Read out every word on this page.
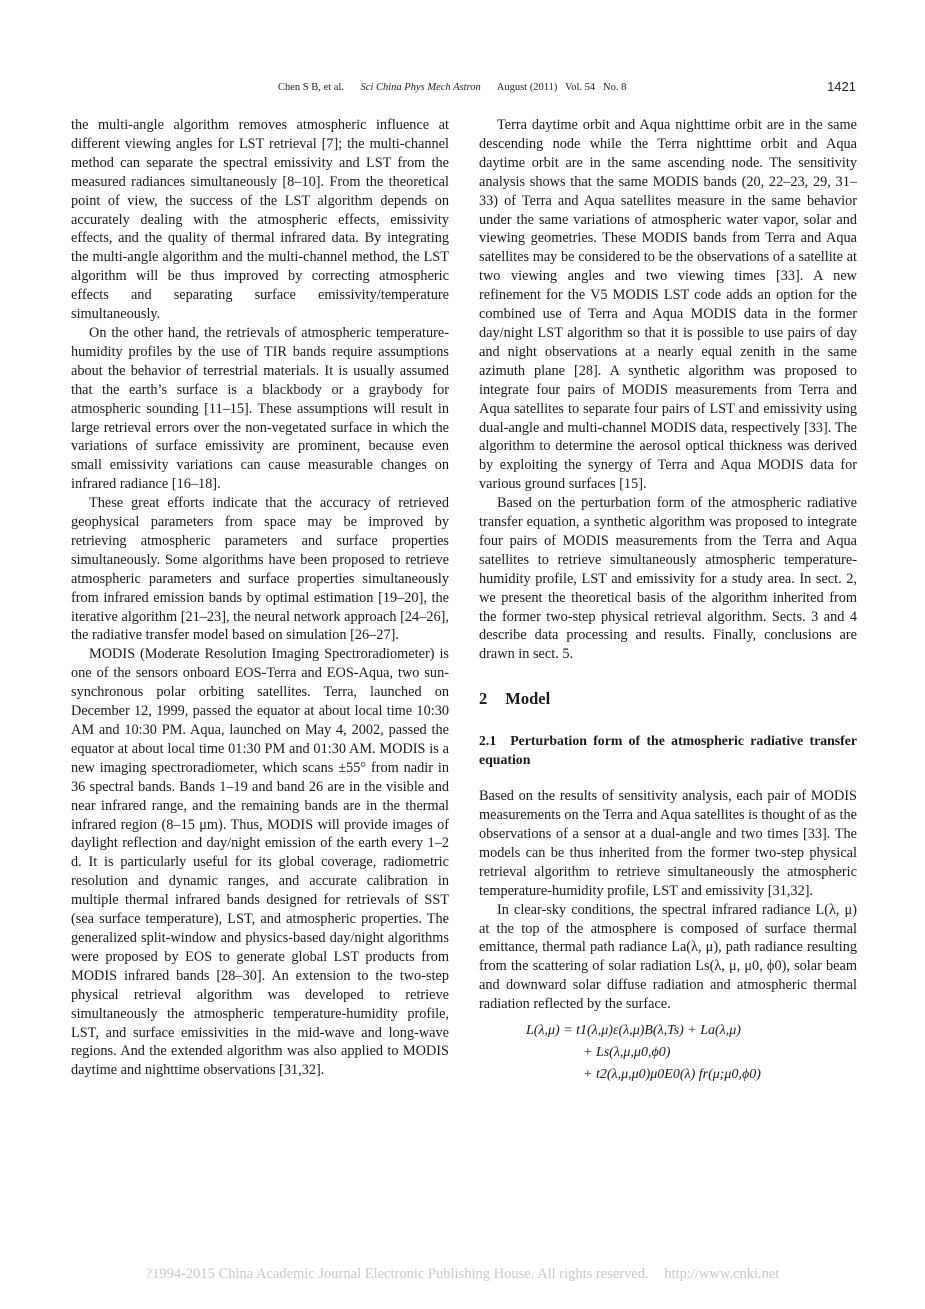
Chen S B, et al. Sci China Phys Mech Astron August (2011)   Vol. 54   No. 8	1421

the multi-angle algorithm removes atmospheric influence at different viewing angles for LST retrieval [7]; the multi-channel method can separate the spectral emissivity and LST from the measured radiances simultaneously [8–10]. From the theoretical point of view, the success of the LST algorithm depends on accurately dealing with the atmospheric effects, emissivity effects, and the quality of thermal infrared data. By integrating the multi-angle algorithm and the multi-channel method, the LST algorithm will be thus improved by correcting atmospheric effects and separating surface emissivity/temperature simultaneously.

On the other hand, the retrievals of atmospheric temperature-humidity profiles by the use of TIR bands require assumptions about the behavior of terrestrial materials. It is usually assumed that the earth’s surface is a blackbody or a graybody for atmospheric sounding [11–15]. These assumptions will result in large retrieval errors over the non-vegetated surface in which the variations of surface emissivity are prominent, because even small emissivity variations can cause measurable changes on infrared radiance [16–18].

These great efforts indicate that the accuracy of retrieved geophysical parameters from space may be improved by retrieving atmospheric parameters and surface properties simultaneously. Some algorithms have been proposed to retrieve atmospheric parameters and surface properties simultaneously from infrared emission bands by optimal estimation [19–20], the iterative algorithm [21–23], the neural network approach [24–26], the radiative transfer model based on simulation [26–27].

MODIS (Moderate Resolution Imaging Spectroradiometer) is one of the sensors onboard EOS-Terra and EOS-Aqua, two sun-synchronous polar orbiting satellites. Terra, launched on December 12, 1999, passed the equator at about local time 10:30 AM and 10:30 PM. Aqua, launched on May 4, 2002, passed the equator at about local time 01:30 PM and 01:30 AM. MODIS is a new imaging spectroradiometer, which scans ±55° from nadir in 36 spectral bands. Bands 1–19 and band 26 are in the visible and near infrared range, and the remaining bands are in the thermal infrared region (8–15 μm). Thus, MODIS will provide images of daylight reflection and day/night emission of the earth every 1–2 d. It is particularly useful for its global coverage, radiometric resolution and dynamic ranges, and accurate calibration in multiple thermal infrared bands designed for retrievals of SST (sea surface temperature), LST, and atmospheric properties. The generalized split-window and physics-based day/night algorithms were proposed by EOS to generate global LST products from MODIS infrared bands [28–30]. An extension to the two-step physical retrieval algorithm was developed to retrieve simultaneously the atmospheric temperature-humidity profile, LST, and surface emissivities in the mid-wave and long-wave regions. And the extended algorithm was also applied to MODIS daytime and nighttime observations [31,32].

Terra daytime orbit and Aqua nighttime orbit are in the same descending node while the Terra nighttime orbit and Aqua daytime orbit are in the same ascending node. The sensitivity analysis shows that the same MODIS bands (20, 22–23, 29, 31–33) of Terra and Aqua satellites measure in the same behavior under the same variations of atmospheric water vapor, solar and viewing geometries. These MODIS bands from Terra and Aqua satellites may be considered to be the observations of a satellite at two viewing angles and two viewing times [33]. A new refinement for the V5 MODIS LST code adds an option for the combined use of Terra and Aqua MODIS data in the former day/night LST algorithm so that it is possible to use pairs of day and night observations at a nearly equal zenith in the same azimuth plane [28]. A synthetic algorithm was proposed to integrate four pairs of MODIS measurements from Terra and Aqua satellites to separate four pairs of LST and emissivity using dual-angle and multi-channel MODIS data, respectively [33]. The algorithm to determine the aerosol optical thickness was derived by exploiting the synergy of Terra and Aqua MODIS data for various ground surfaces [15].

Based on the perturbation form of the atmospheric radiative transfer equation, a synthetic algorithm was proposed to integrate four pairs of MODIS measurements from the Terra and Aqua satellites to retrieve simultaneously atmospheric temperature-humidity profile, LST and emissivity for a study area. In sect. 2, we present the theoretical basis of the algorithm inherited from the former two-step physical retrieval algorithm. Sects. 3 and 4 describe data processing and results. Finally, conclusions are drawn in sect. 5.

2 Model
2.1 Perturbation form of the atmospheric radiative transfer equation

Based on the results of sensitivity analysis, each pair of MODIS measurements on the Terra and Aqua satellites is thought of as the observations of a sensor at a dual-angle and two times [33]. The models can be thus inherited from the former two-step physical retrieval algorithm to retrieve simultaneously the atmospheric temperature-humidity profile, LST and emissivity [31,32].

In clear-sky conditions, the spectral infrared radiance L(λ, μ) at the top of the atmosphere is composed of surface thermal emittance, thermal path radiance La(λ, μ), path radiance resulting from the scattering of solar radiation Ls(λ, μ, μ0, ϕ0), solar beam and downward solar diffuse radiation and atmospheric thermal radiation reflected by the surface.

L(λ,μ) = t1(λ,μ)ε(λ,μ)B(λ,Ts) + La(λ,μ)
+ Ls(λ,μ,μ0,ϕ0)
+ t2(λ,μ,μ0)μ0E0(λ) fr(μ;μ0,ϕ0)
?1994-2015 China Academic Journal Electronic Publishing House. All rights reserved. http://www.cnki.net
